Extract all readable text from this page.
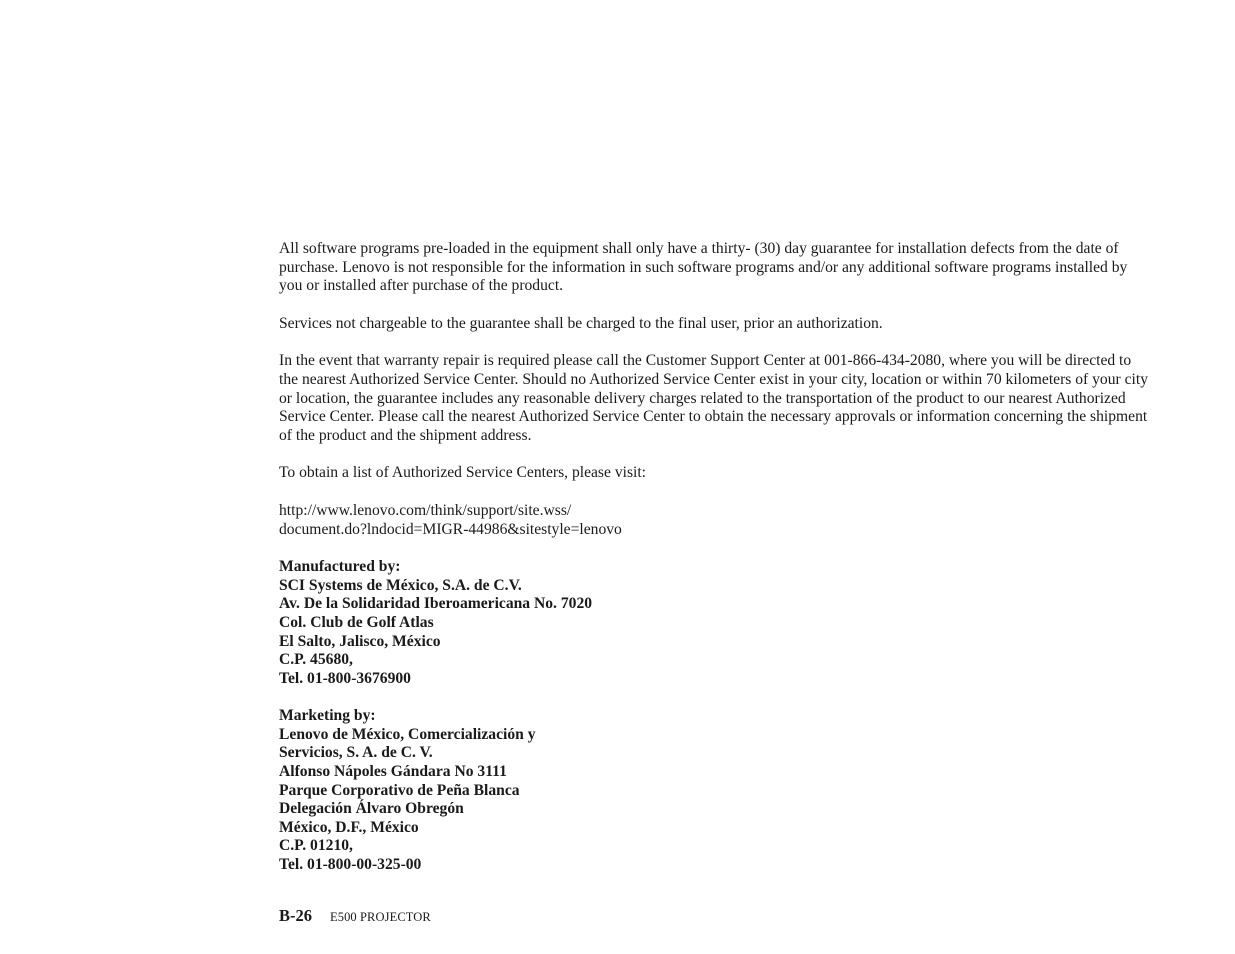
All software programs pre-loaded in the equipment shall only have a thirty- (30) day guarantee for installation defects from the date of purchase. Lenovo is not responsible for the information in such software programs and/or any additional software programs installed by you or installed after purchase of the product.

Services not chargeable to the guarantee shall be charged to the final user, prior an authorization.

In the event that warranty repair is required please call the Customer Support Center at 001-866-434-2080, where you will be directed to the nearest Authorized Service Center. Should no Authorized Service Center exist in your city, location or within 70 kilometers of your city or location, the guarantee includes any reasonable delivery charges related to the transportation of the product to our nearest Authorized Service Center. Please call the nearest Authorized Service Center to obtain the necessary approvals or information concerning the shipment of the product and the shipment address.

To obtain a list of Authorized Service Centers, please visit:

http://www.lenovo.com/think/support/site.wss/
document.do?lndocid=MIGR-44986&sitestyle=lenovo

Manufactured by:
SCI Systems de México, S.A. de C.V.
Av. De la Solidaridad Iberoamericana No. 7020
Col. Club de Golf Atlas
El Salto, Jalisco, México
C.P. 45680,
Tel. 01-800-3676900
Marketing by:
Lenovo de México, Comercialización y
Servicios, S. A. de C. V.
Alfonso Nápoles Gándara No 3111
Parque Corporativo de Peña Blanca
Delegación Álvaro Obregón
México, D.F., México
C.P. 01210,
Tel. 01-800-00-325-00
B-26 E500 PROJECTOR
